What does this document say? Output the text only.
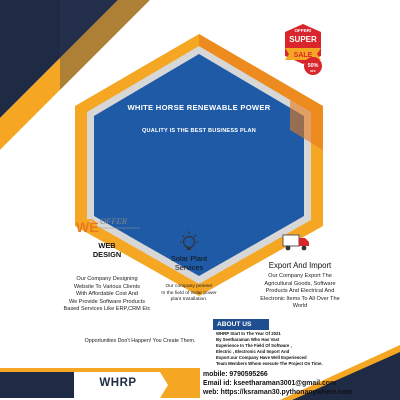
WHITE HORSE RENEWABLE POWER
QUALITY IS THE BEST BUSINESS PLAN
OFFER!
SUPER
SALE
50%
OFF
WE OFFER
WEB
DESIGN
Our Company Designing
Website To Various Clients
With Affordable Cost And
We Provide Software Products
Based Services Like ERP,CRM Etc
Solar Plant
Services
Our company pioneer
In the field of Solar power
plant Installation.
Export And Import
Our Company Export The
Agricultural Goods, Software
Products And Electrical And
Electronic Items To All Over The
World
Opportunities Don't Happen! You Create Them.
ABOUT US
WHRP Start In The Year Of 2021
By Seetharaman Who Has Vast
Experience In The Field Of Software ,
Electric , Electronic And Import And
Export.our Company Have Well Experienced
Team Members Whom execute The Project On Time.
WHRP
mobile: 9790595266
Email id: kseetharaman3001@gmail.com
web: https://ksraman30.pythonanywhere.com
